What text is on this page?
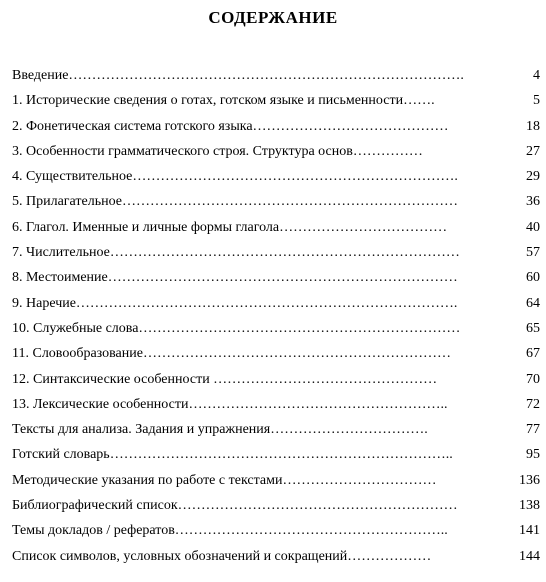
СОДЕРЖАНИЕ
Введение………………………………………………………………………….	4
1. Исторические сведения о готах, готском языке и письменности…….	5
2. Фонетическая система готского языка……………………………………	18
3. Особенности грамматического строя. Структура основ……………	27
4. Существительное…………………………………………………………….	29
5. Прилагательное………………………………………………………………	36
6. Глагол. Именные и личные формы глагола………………………………	40
7. Числительное…………………………………………………………………	57
8. Местоимение…………………………………………………………………	60
9. Наречие……………………………………………………………………….	64
10. Служебные слова……………………………………………………………	65
11. Словообразование…………………………………………………………	67
12. Синтаксические особенности …………………………………………	70
13. Лексические особенности………………………………………………..	72
Тексты для анализа. Задания и упражнения…………………………….	77
Готский словарь………………………………………………………………..	95
Методические указания по работе с текстами……………………………	136
Библиографический список……………………………………………………	138
Темы докладов / рефератов…………………………………………………..	141
Список символов, условных обозначений и сокращений………………	144
